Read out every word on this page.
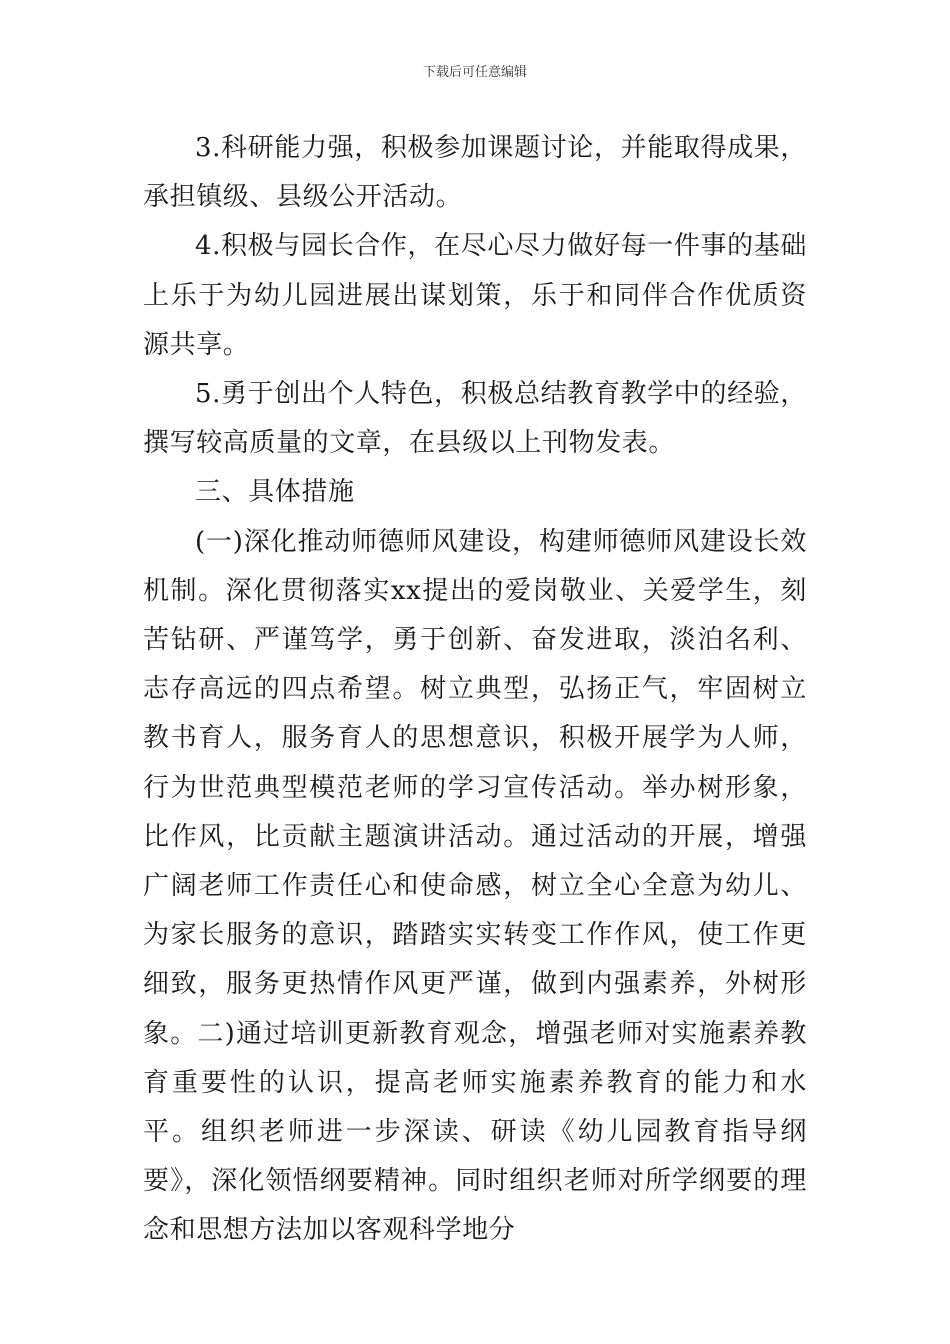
下载后可任意编辑

3.科研能力强，积极参加课题讨论，并能取得成果，承担镇级、县级公开活动。

4.积极与园长合作，在尽心尽力做好每一件事的基础上乐于为幼儿园进展出谋划策，乐于和同伴合作优质资源共享。

5.勇于创出个人特色，积极总结教育教学中的经验，撰写较高质量的文章，在县级以上刊物发表。

三、具体措施

(一)深化推动师德师风建设，构建师德师风建设长效机制。深化贯彻落实xx提出的爱岗敬业、关爱学生，刻苦钻研、严谨笃学，勇于创新、奋发进取，淡泊名利、志存高远的四点希望。树立典型，弘扬正气，牢固树立教书育人，服务育人的思想意识，积极开展学为人师，行为世范典型模范老师的学习宣传活动。举办树形象，比作风，比贡献主题演讲活动。通过活动的开展，增强广阔老师工作责任心和使命感，树立全心全意为幼儿、为家长服务的意识，踏踏实实转变工作作风，使工作更细致，服务更热情作风更严谨，做到内强素养，外树形象。二)通过培训更新教育观念，增强老师对实施素养教育重要性的认识，提高老师实施素养教育的能力和水平。组织老师进一步深读、研读《幼儿园教育指导纲要》，深化领悟纲要精神。同时组织老师对所学纲要的理念和思想方法加以客观科学地分
